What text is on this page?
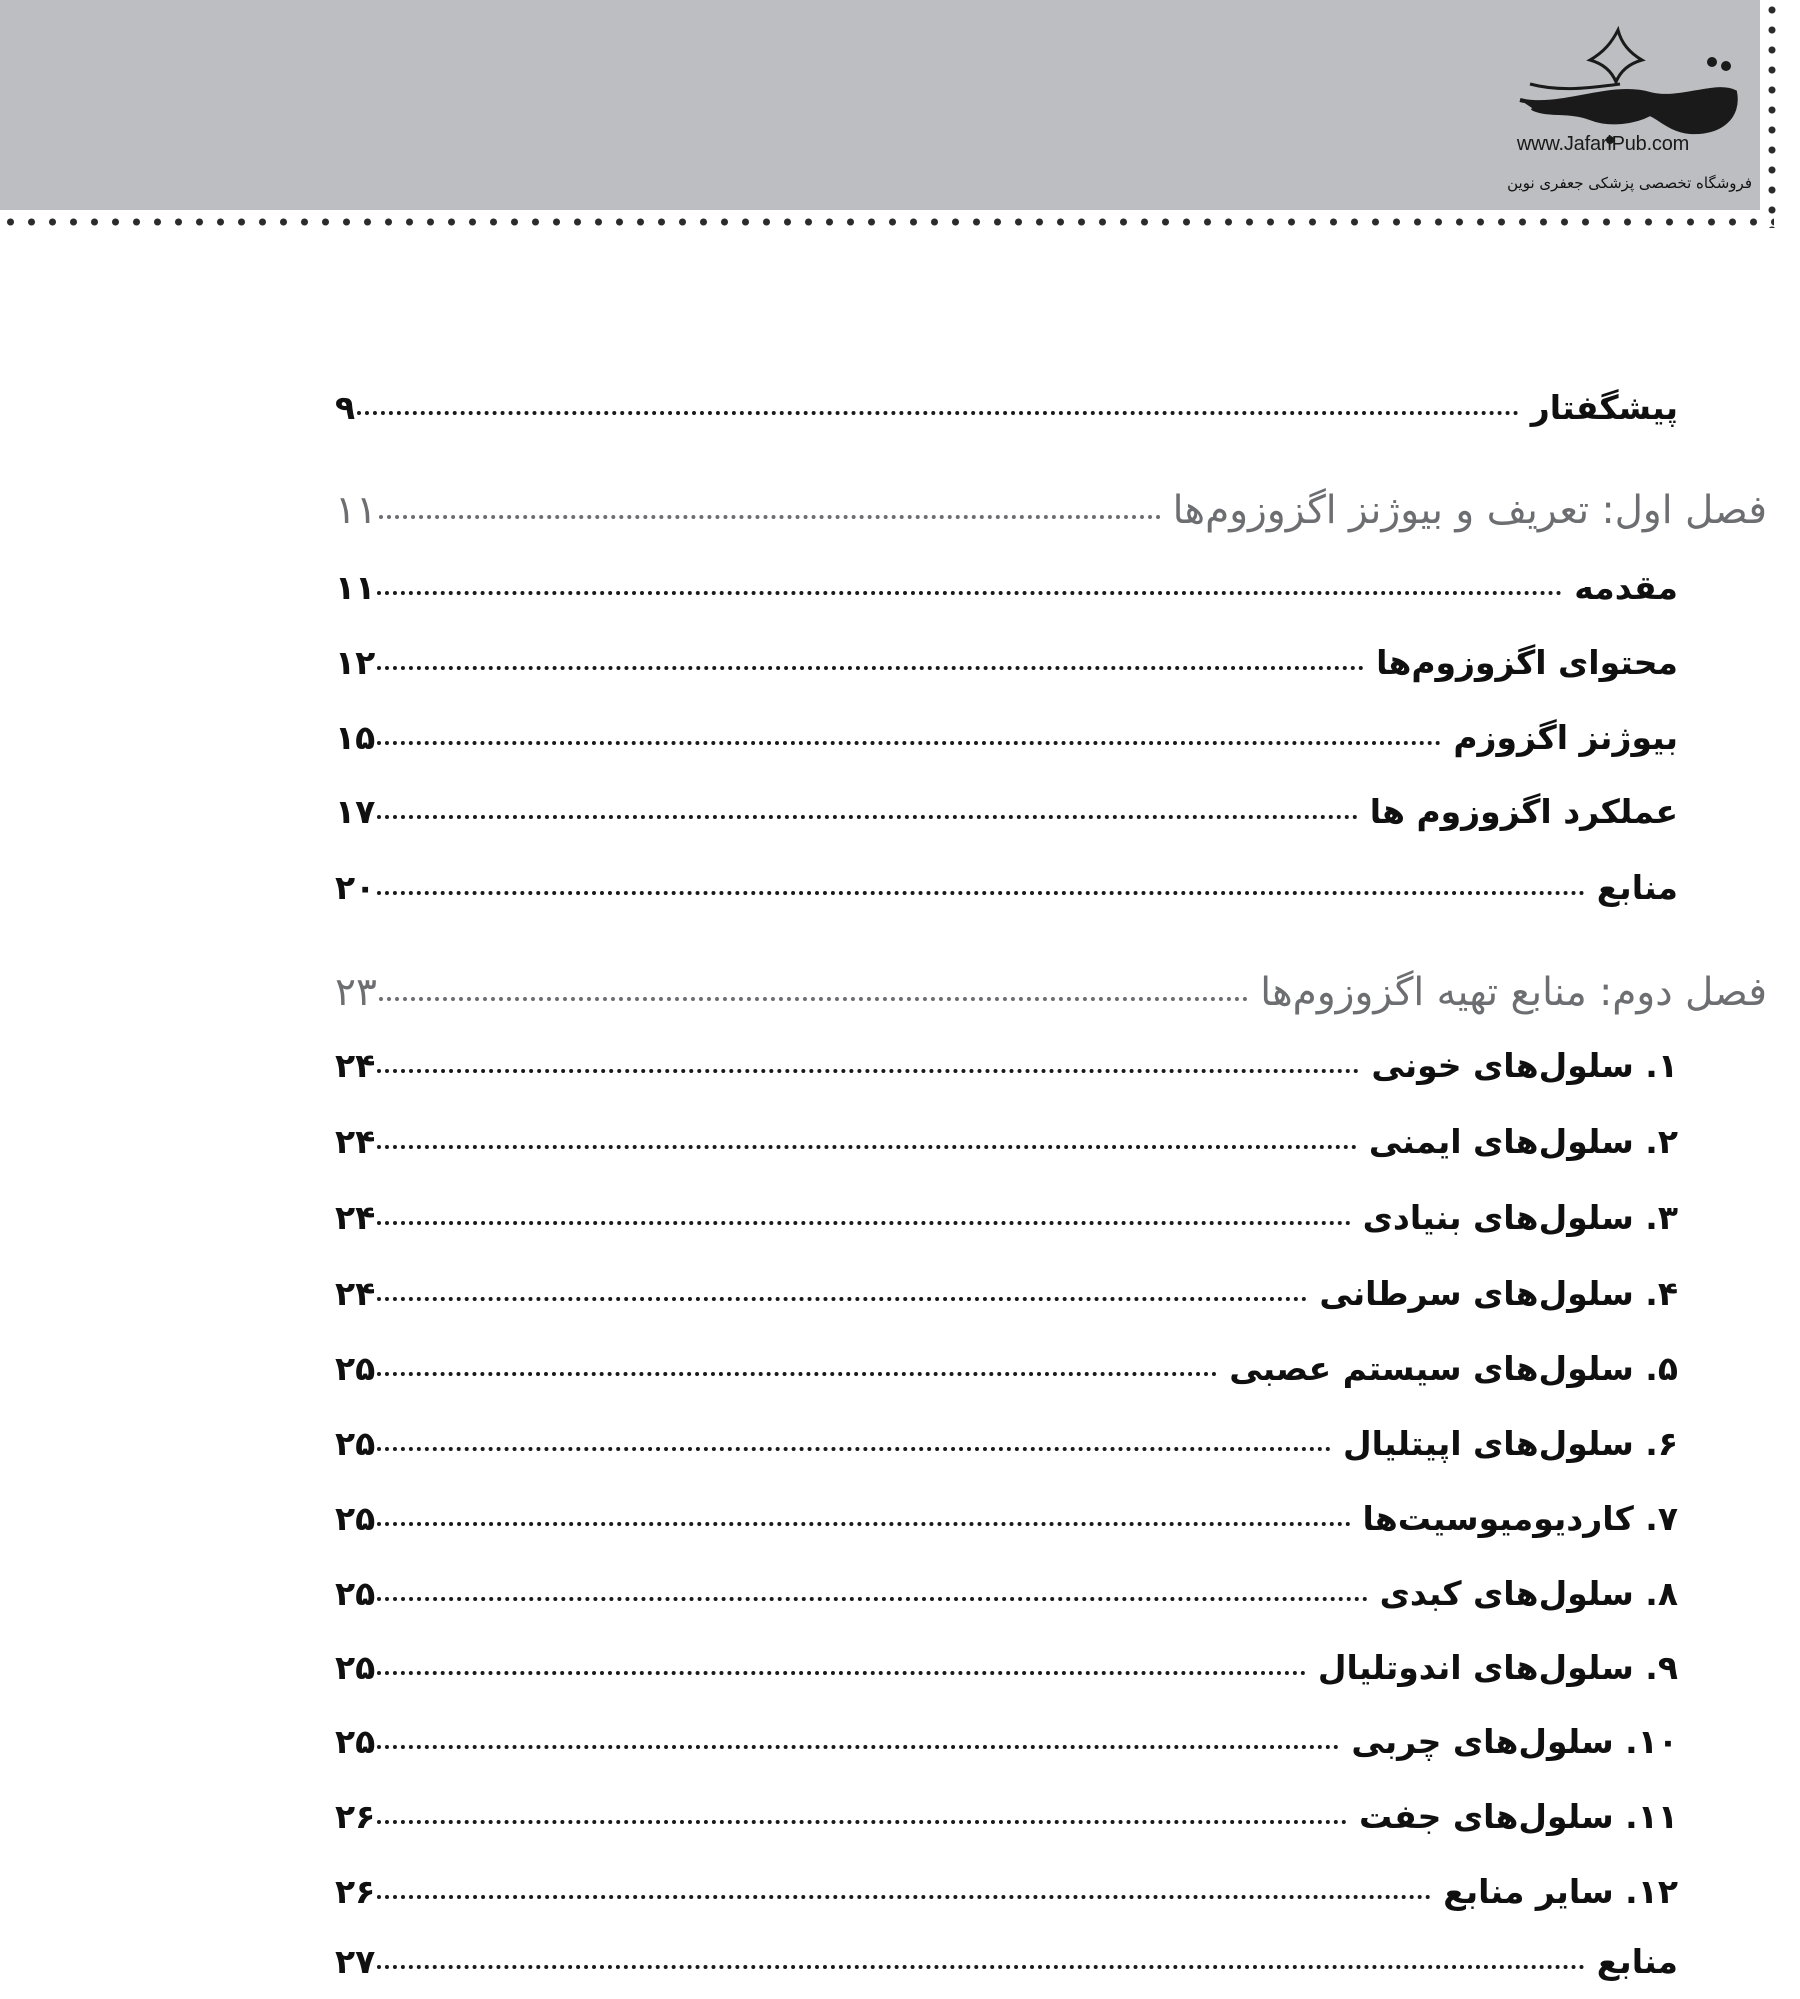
www.JafariPub.com
فروشگاه تخصصی پزشکی جعفری نوین
پیشگفتار
۹
فصل اول: تعریف و بیوژنز اگزوزوم‌ها
۱۱
مقدمه
۱۱
محتوای اگزوزوم‌ها
۱۲
بیوژنز اگزوزم
۱۵
عملکرد اگزوزوم ها
۱۷
منابع
۲۰
فصل دوم: منابع تهیه اگزوزوم‌ها
۲۳
۱. سلول‌های خونی
۲۴
۲. سلول‌های ایمنی
۲۴
۳. سلول‌های بنیادی
۲۴
۴. سلول‌های سرطانی
۲۴
۵. سلول‌های سیستم عصبی
۲۵
۶. سلول‌های اپیتلیال
۲۵
۷. کاردیومیوسیت‌ها
۲۵
۸. سلول‌های کبدی
۲۵
۹. سلول‌های اندوتلیال
۲۵
۱۰. سلول‌های چربی
۲۵
۱۱. سلول‌های جفت
۲۶
۱۲. سایر منابع
۲۶
منابع
۲۷
